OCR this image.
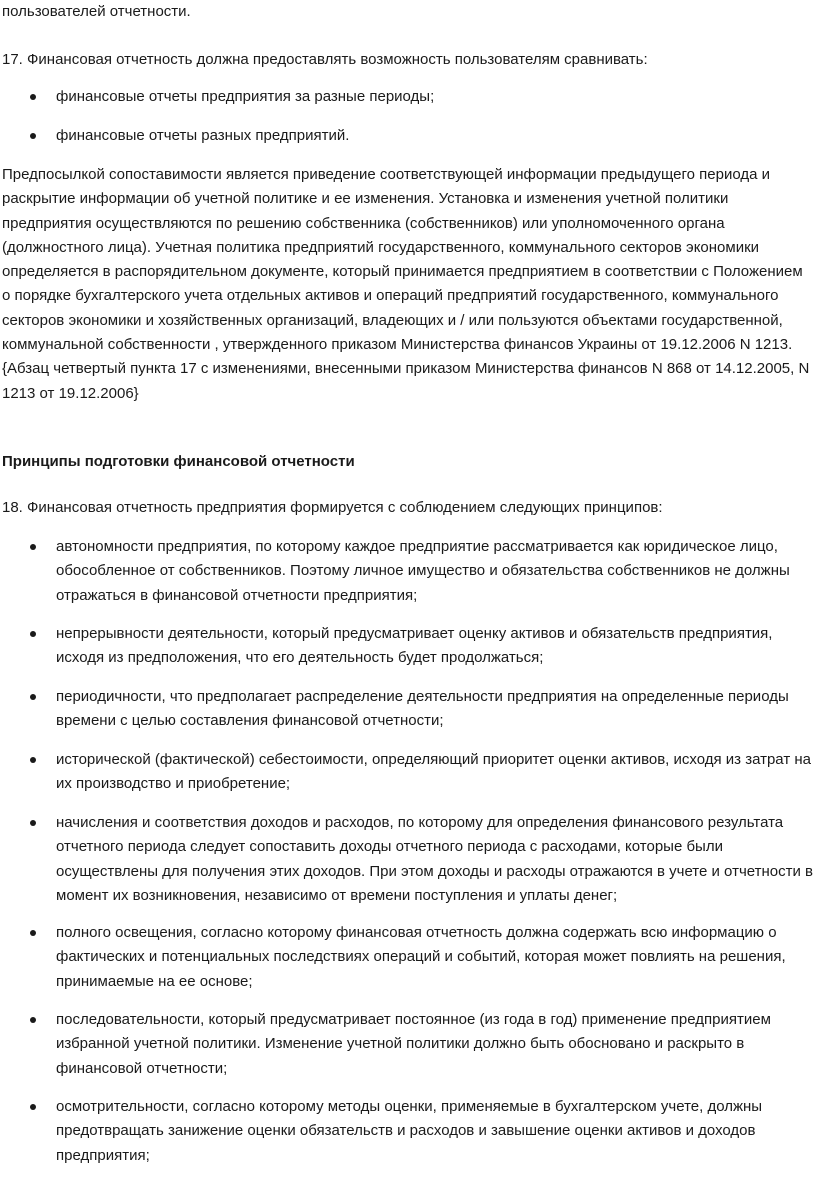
пользователей отчетности.

17. Финансовая отчетность должна предоставлять возможность пользователям сравнивать:

финансовые отчеты предприятия за разные периоды;

финансовые отчеты разных предприятий.

Предпосылкой сопоставимости является приведение соответствующей информации предыдущего периода и раскрытие информации об учетной политике и ее изменения. Установка и изменения учетной политики предприятия осуществляются по решению собственника (собственников) или уполномоченного органа (должностного лица). Учетная политика предприятий государственного, коммунального секторов экономики определяется в распорядительном документе, который принимается предприятием в соответствии с Положением о порядке бухгалтерского учета отдельных активов и операций предприятий государственного, коммунального секторов экономики и хозяйственных организаций, владеющих и / или пользуются объектами государственной, коммунальной собственности , утвержденного приказом Министерства финансов Украины от 19.12.2006 N 1213. {Абзац четвертый пункта 17 с изменениями, внесенными приказом Министерства финансов N 868 от 14.12.2005, N 1213 от 19.12.2006}

Принципы подготовки финансовой отчетности

18. Финансовая отчетность предприятия формируется с соблюдением следующих принципов:

автономности предприятия, по которому каждое предприятие рассматривается как юридическое лицо, обособленное от собственников. Поэтому личное имущество и обязательства собственников не должны отражаться в финансовой отчетности предприятия;

непрерывности деятельности, который предусматривает оценку активов и обязательств предприятия, исходя из предположения, что его деятельность будет продолжаться;

периодичности, что предполагает распределение деятельности предприятия на определенные периоды времени с целью составления финансовой отчетности;

исторической (фактической) себестоимости, определяющий приоритет оценки активов, исходя из затрат на их производство и приобретение;

начисления и соответствия доходов и расходов, по которому для определения финансового результата отчетного периода следует сопоставить доходы отчетного периода с расходами, которые были осуществлены для получения этих доходов. При этом доходы и расходы отражаются в учете и отчетности в момент их возникновения, независимо от времени поступления и уплаты денег;

полного освещения, согласно которому финансовая отчетность должна содержать всю информацию о фактических и потенциальных последствиях операций и событий, которая может повлиять на решения, принимаемые на ее основе;

последовательности, который предусматривает постоянное (из года в год) применение предприятием избранной учетной политики. Изменение учетной политики должно быть обосновано и раскрыто в финансовой отчетности;

осмотрительности, согласно которому методы оценки, применяемые в бухгалтерском учете, должны предотвращать занижение оценки обязательств и расходов и завышение оценки активов и доходов предприятия;
